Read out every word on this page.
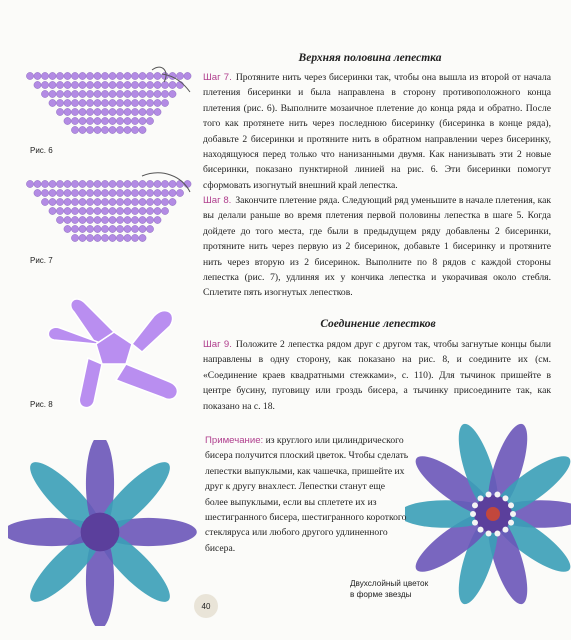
Верхняя половина лепестка
Рис. 6
Рис. 7
Рис. 8
Шаг 7. Протяните нить через бисеринки так, чтобы она вышла из второй от начала плетения бисеринки и была направлена в сторону противоположного конца плетения (рис. 6). Выполните мозаичное плетение до конца ряда и обратно. После того как протянете нить через последнюю бисеринку (бисеринка в конце ряда), добавьте 2 бисеринки и протяните нить в обратном направлении через бисеринку, находящуюся перед только что нанизанными двумя. Как нанизывать эти 2 новые бисеринки, показано пунктирной линией на рис. 6. Эти бисеринки помогут сформовать изогнутый внешний край лепестка.
Шаг 8. Закончите плетение ряда. Следующий ряд уменьшите в начале плетения, как вы делали раньше во время плетения первой половины лепестка в шаге 5. Когда дойдете до того места, где были в предыдущем ряду добавлены 2 бисеринки, протяните нить через первую из 2 бисеринок, добавьте 1 бисеринку и протяните нить через вторую из 2 бисеринок. Выполните по 8 рядов с каждой стороны лепестка (рис. 7), удлиняя их у кончика лепестка и укорачивая около стебля. Сплетите пять изогнутых лепестков.
Соединение лепестков
Шаг 9. Положите 2 лепестка рядом друг с другом так, чтобы загнутые концы были направлены в одну сторону, как показано на рис. 8, и соедините их (см. «Соединение краев квадратными стежками», с. 110). Для тычинок пришейте в центре бусину, пуговицу или гроздь бисера, а тычинку присоедините так, как показано на с. 18.
Примечание: из круглого или цилиндрического бисера получится плоский цветок. Чтобы сделать лепестки выпуклыми, как чашечка, пришейте их друг к другу внахлест. Лепестки станут еще более выпуклыми, если вы сплетете их из шестигранного бисера, шестигранного короткого стекляруса или любого другого удлиненного бисера.
Двухслойный цветок в форме звезды
40
